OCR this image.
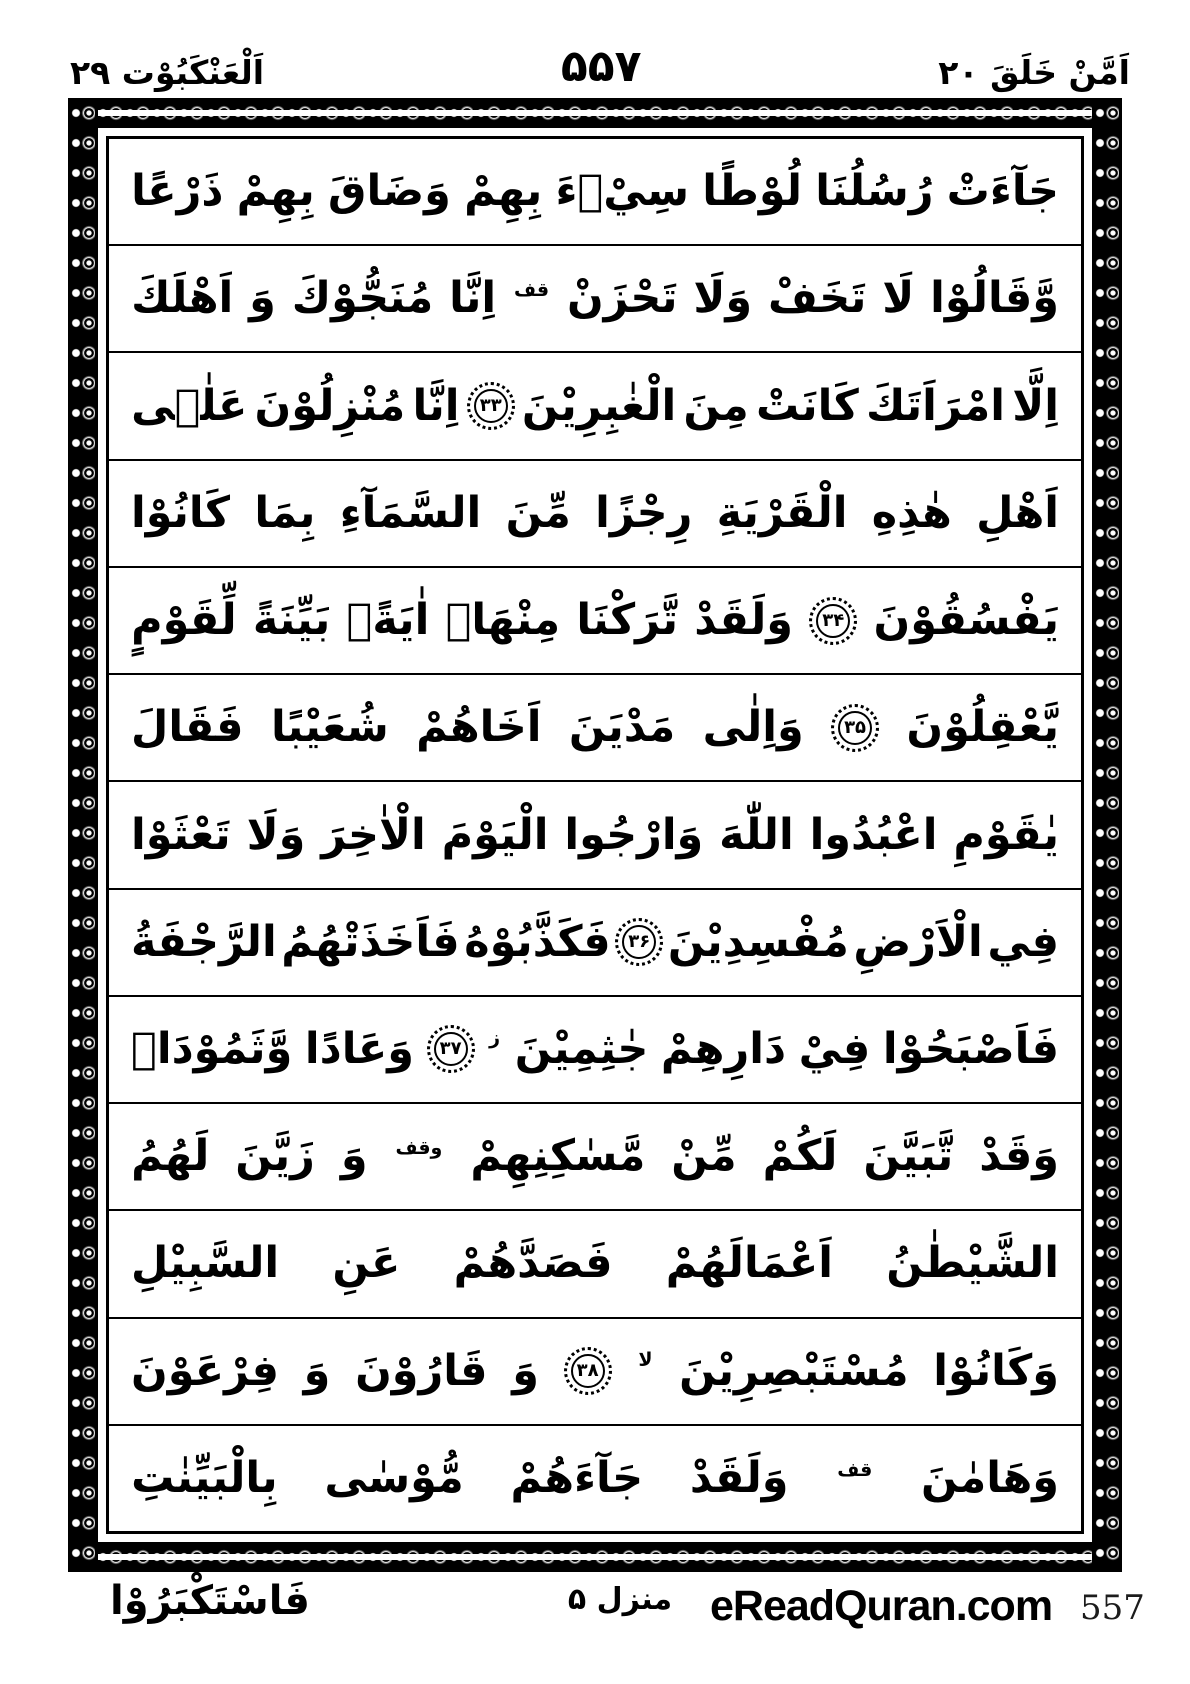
اَلْعَنْكَبُوْت ۲۹	۵۵۷	اَمَّنْ خَلَقَ ۲۰
جَآءَتْ
رُسُلُنَا
لُوْطًا
سِيْۤءَ
بِهِمْ
وَضَاقَ
بِهِمْ
ذَرْعًا
وَّقَالُوْا
لَا
تَخَفْ
وَلَا
تَحْزَنْ
قف
اِنَّا
مُنَجُّوْكَ
وَ
اَهْلَكَ
اِلَّا
امْرَاَتَكَ
كَانَتْ
مِنَ
الْغٰبِرِيْنَ
۳۳
اِنَّا
مُنْزِلُوْنَ
عَلٰۤى
اَهْلِ
هٰذِهِ
الْقَرْيَةِ
رِجْزًا
مِّنَ
السَّمَآءِ
بِمَا
كَانُوْا
يَفْسُقُوْنَ
۳۴
وَلَقَدْ
تَّرَكْنَا
مِنْهَاۤ
اٰيَةًۢ
بَيِّنَةً
لِّقَوْمٍ
يَّعْقِلُوْنَ
۳۵
وَاِلٰى
مَدْيَنَ
اَخَاهُمْ
شُعَيْبًا
فَقَالَ
يٰقَوْمِ
اعْبُدُوا
اللّٰهَ
وَارْجُوا
الْيَوْمَ
الْاٰخِرَ
وَلَا
تَعْثَوْا
فِي
الْاَرْضِ
مُفْسِدِيْنَ
۳۶
فَكَذَّبُوْهُ
فَاَخَذَتْهُمُ
الرَّجْفَةُ
فَاَصْبَحُوْا
فِيْ
دَارِهِمْ
جٰثِمِيْنَ
ز
۳۷
وَعَادًا
وَّثَمُوْدَا۟
وَقَدْ
تَّبَيَّنَ
لَكُمْ
مِّنْ
مَّسٰكِنِهِمْ
وقف
وَ
زَيَّنَ
لَهُمُ
الشَّيْطٰنُ
اَعْمَالَهُمْ
فَصَدَّهُمْ
عَنِ
السَّبِيْلِ
وَكَانُوْا
مُسْتَبْصِرِيْنَ
لا
۳۸
وَ
قَارُوْنَ
وَ
فِرْعَوْنَ
وَهَامٰنَ
قف
وَلَقَدْ
جَآءَهُمْ
مُّوْسٰى
بِالْبَيِّنٰتِ
فَاسْتَكْبَرُوْا	منزل ۵ eReadQuran.com 557
